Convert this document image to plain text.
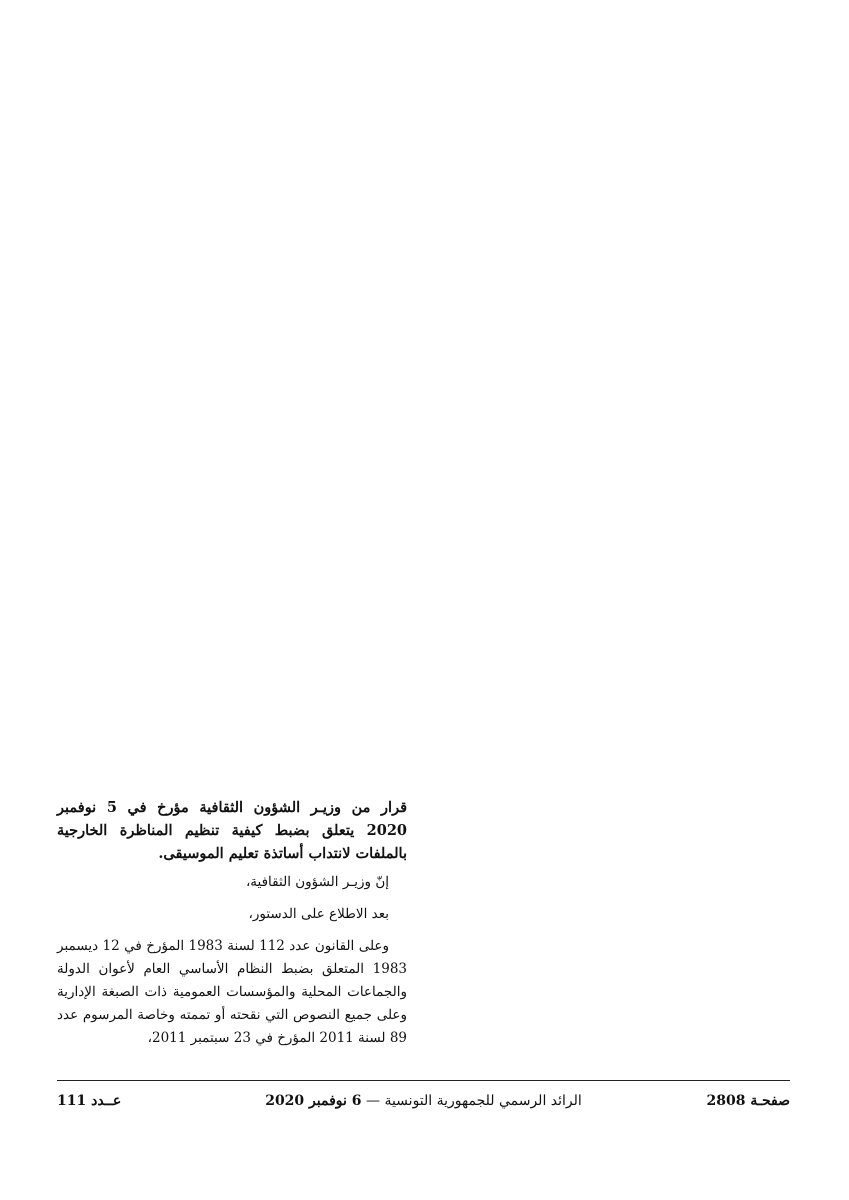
قرار من وزيـر الشؤون الثقافية مؤرخ في 5 نوفمبر 2020 يتعلق بضبط كيفية تنظيم المناظرة الخارجية بالملفات لانتداب أساتذة تعليم الموسيقى.

إنّ وزيـر الشؤون الثقافية،

بعد الاطلاع على الدستور،

وعلى القانون عدد 112 لسنة 1983 المؤرخ في 12 ديسمبر 1983 المتعلق بضبط النظام الأساسي العام لأعوان الدولة والجماعات المحلية والمؤسسات العمومية ذات الصبغة الإدارية وعلى جميع النصوص التي نقحته أو تممته وخاصة المرسوم عدد 89 لسنة 2011 المؤرخ في 23 سبتمبر 2011،

صفحـة 2808
الرائد الرسمي للجمهورية التونسية — 6 نوفمبر 2020
عــدد 111
